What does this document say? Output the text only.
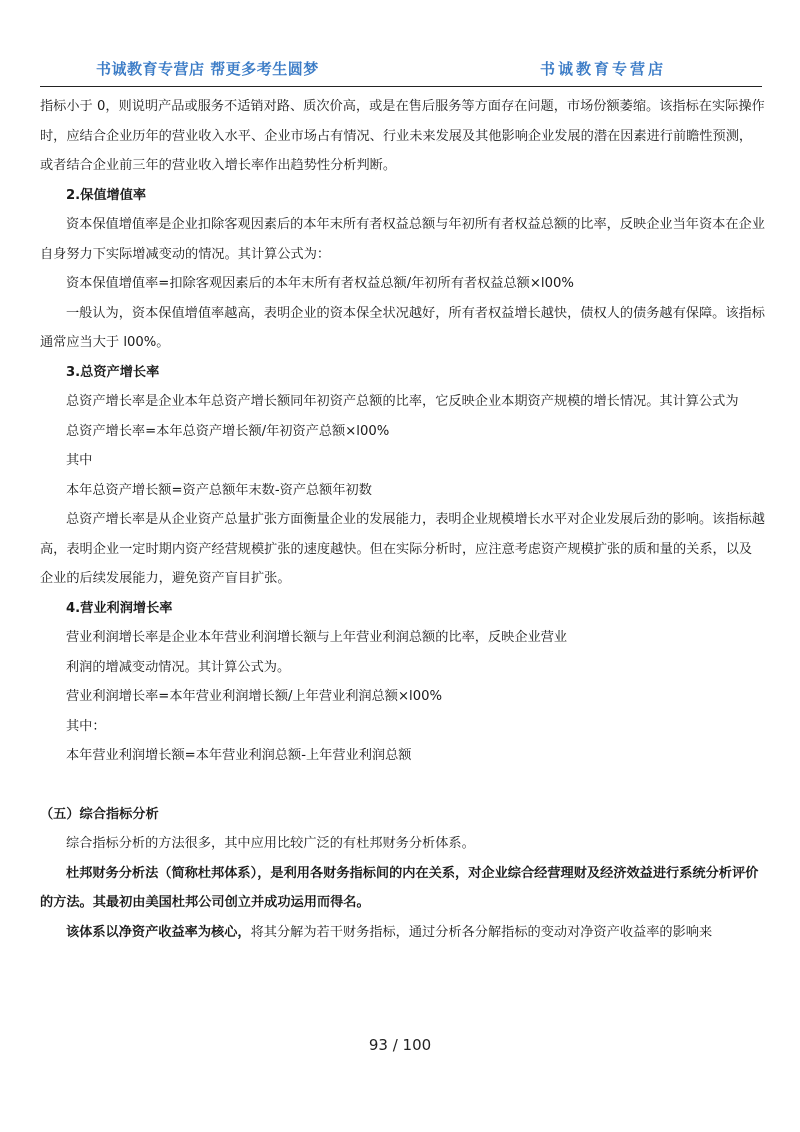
书诚教育专营店 帮更多考生圆梦	书诚教育专营店

指标小于 0，则说明产品或服务不适销对路、质次价高，或是在售后服务等方面存在问题，市场份额萎缩。该指标在实际操作时，应结合企业历年的营业收入水平、企业市场占有情况、行业未来发展及其他影响企业发展的潜在因素进行前瞻性预测，或者结合企业前三年的营业收入增长率作出趋势性分析判断。

2.保值增值率

资本保值增值率是企业扣除客观因素后的本年末所有者权益总额与年初所有者权益总额的比率，反映企业当年资本在企业自身努力下实际增减变动的情况。其计算公式为：

资本保值增值率=扣除客观因素后的本年末所有者权益总额/年初所有者权益总额×l00%

一般认为，资本保值增值率越高，表明企业的资本保全状况越好，所有者权益增长越快，债权人的债务越有保障。该指标通常应当大于 l00%。

3.总资产增长率

总资产增长率是企业本年总资产增长额同年初资产总额的比率，它反映企业本期资产规模的增长情况。其计算公式为

总资产增长率=本年总资产增长额/年初资产总额×l00%

其中

本年总资产增长额=资产总额年末数-资产总额年初数

总资产增长率是从企业资产总量扩张方面衡量企业的发展能力，表明企业规模增长水平对企业发展后劲的影响。该指标越高，表明企业一定时期内资产经营规模扩张的速度越快。但在实际分析时，应注意考虑资产规模扩张的质和量的关系，以及企业的后续发展能力，避免资产盲目扩张。

4.营业利润增长率

营业利润增长率是企业本年营业利润增长额与上年营业利润总额的比率，反映企业营业

利润的增减变动情况。其计算公式为。

营业利润增长率=本年营业利润增长额/上年营业利润总额×l00%

其中：

本年营业利润增长额=本年营业利润总额-上年营业利润总额

（五）综合指标分析

综合指标分析的方法很多，其中应用比较广泛的有杜邦财务分析体系。

杜邦财务分析法（简称杜邦体系），是利用各财务指标间的内在关系，对企业综合经营理财及经济效益进行系统分析评价的方法。其最初由美国杜邦公司创立并成功运用而得名。

该体系以净资产收益率为核心，将其分解为若干财务指标，通过分析各分解指标的变动对净资产收益率的影响来

93 / 100
